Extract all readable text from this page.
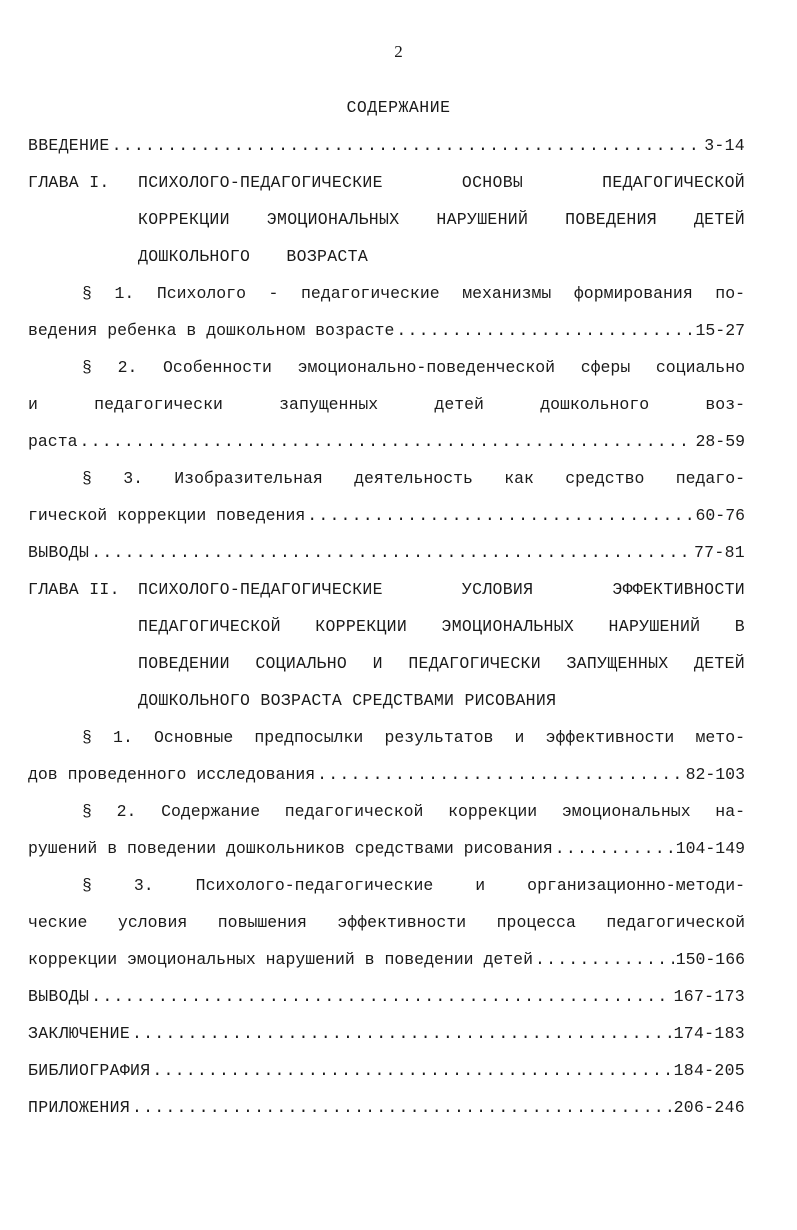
2
СОДЕРЖАНИЕ
ВВЕДЕНИЕ .....	3-14
ГЛАВА I.	ПСИХОЛОГО-ПЕДАГОГИЧЕСКИЕ ОСНОВЫ ПЕДАГОГИЧЕСКОЙ
КОРРЕКЦИИ ЭМОЦИОНАЛЬНЫХ НАРУШЕНИЙ ПОВЕДЕНИЯ ДЕТЕЙ
ДОШКОЛЬНОГО ВОЗРАСТА
§ 1. Психолого - педагогические механизмы формирования по-
ведения ребенка в дошкольном возрасте .....	15-27
§ 2. Особенности эмоционально-поведенческой сферы социально
и педагогически запущенных детей дошкольного воз-
раста .....	28-59
§ 3. Изобразительная деятельность как средство педаго-
гической коррекции поведения .....	60-76
ВЫВОДЫ .....	77-81
ГЛАВА II.	ПСИХОЛОГО-ПЕДАГОГИЧЕСКИЕ УСЛОВИЯ ЭФФЕКТИВНОСТИ
ПЕДАГОГИЧЕСКОЙ КОРРЕКЦИИ ЭМОЦИОНАЛЬНЫХ НАРУШЕНИЙ В
ПОВЕДЕНИИ СОЦИАЛЬНО И ПЕДАГОГИЧЕСКИ ЗАПУЩЕННЫХ ДЕТЕЙ
ДОШКОЛЬНОГО ВОЗРАСТА СРЕДСТВАМИ РИСОВАНИЯ
§ 1. Основные предпосылки результатов и эффективности мето-
дов проведенного исследования .....	82-103
§ 2. Содержание педагогической коррекции эмоциональных на-
рушений в поведении дошкольников средствами рисования .....	104-149
§ 3. Психолого-педагогические и организационно-методи-
ческие условия повышения эффективности процесса педагогической
коррекции эмоциональных нарушений в поведении детей .....	150-166
ВЫВОДЫ .....	167-173
ЗАКЛЮЧЕНИЕ .....	174-183
БИБЛИОГРАФИЯ .....	184-205
ПРИЛОЖЕНИЯ .....	206-246
